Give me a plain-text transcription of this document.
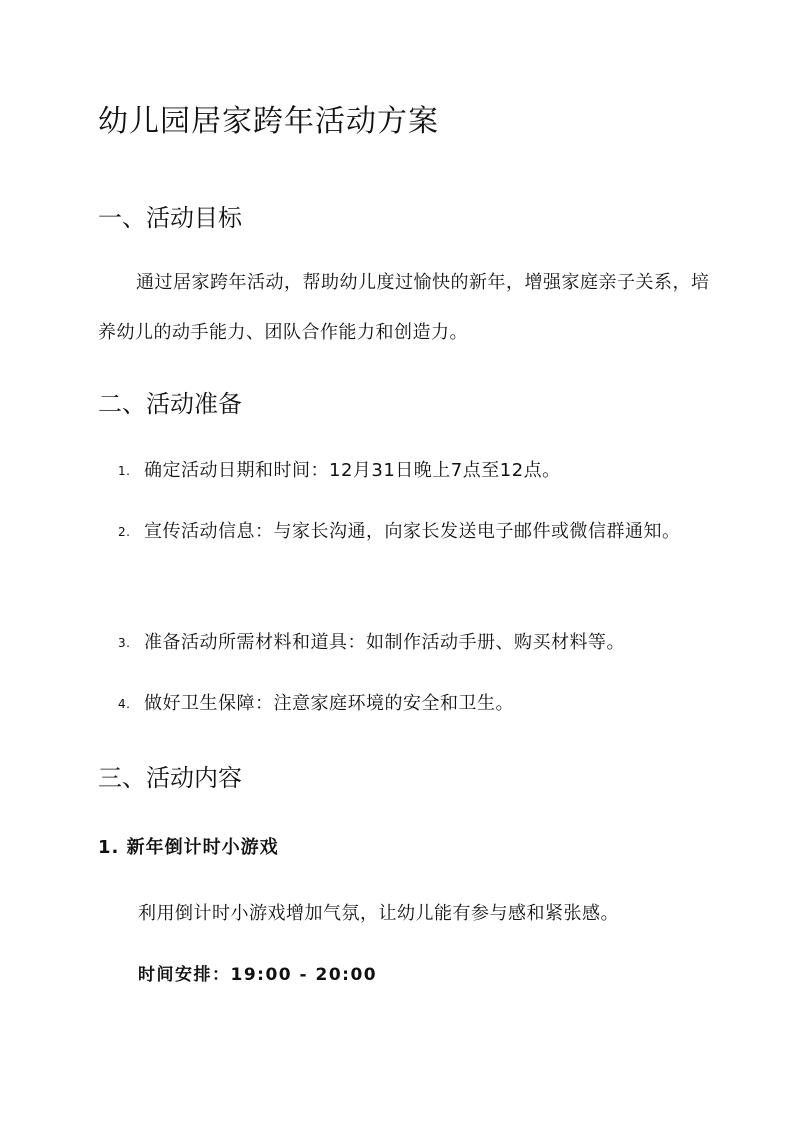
幼儿园居家跨年活动方案
一、活动目标

通过居家跨年活动，帮助幼儿度过愉快的新年，增强家庭亲子关系，培养幼儿的动手能力、团队合作能力和创造力。

二、活动准备
1. 确定活动日期和时间：12月31日晚上7点至12点。
2. 宣传活动信息：与家长沟通，向家长发送电子邮件或微信群通知。
3. 准备活动所需材料和道具：如制作活动手册、购买材料等。
4. 做好卫生保障：注意家庭环境的安全和卫生。
三、活动内容
1. 新年倒计时小游戏

利用倒计时小游戏增加气氛，让幼儿能有参与感和紧张感。

时间安排：19:00 - 20:00
